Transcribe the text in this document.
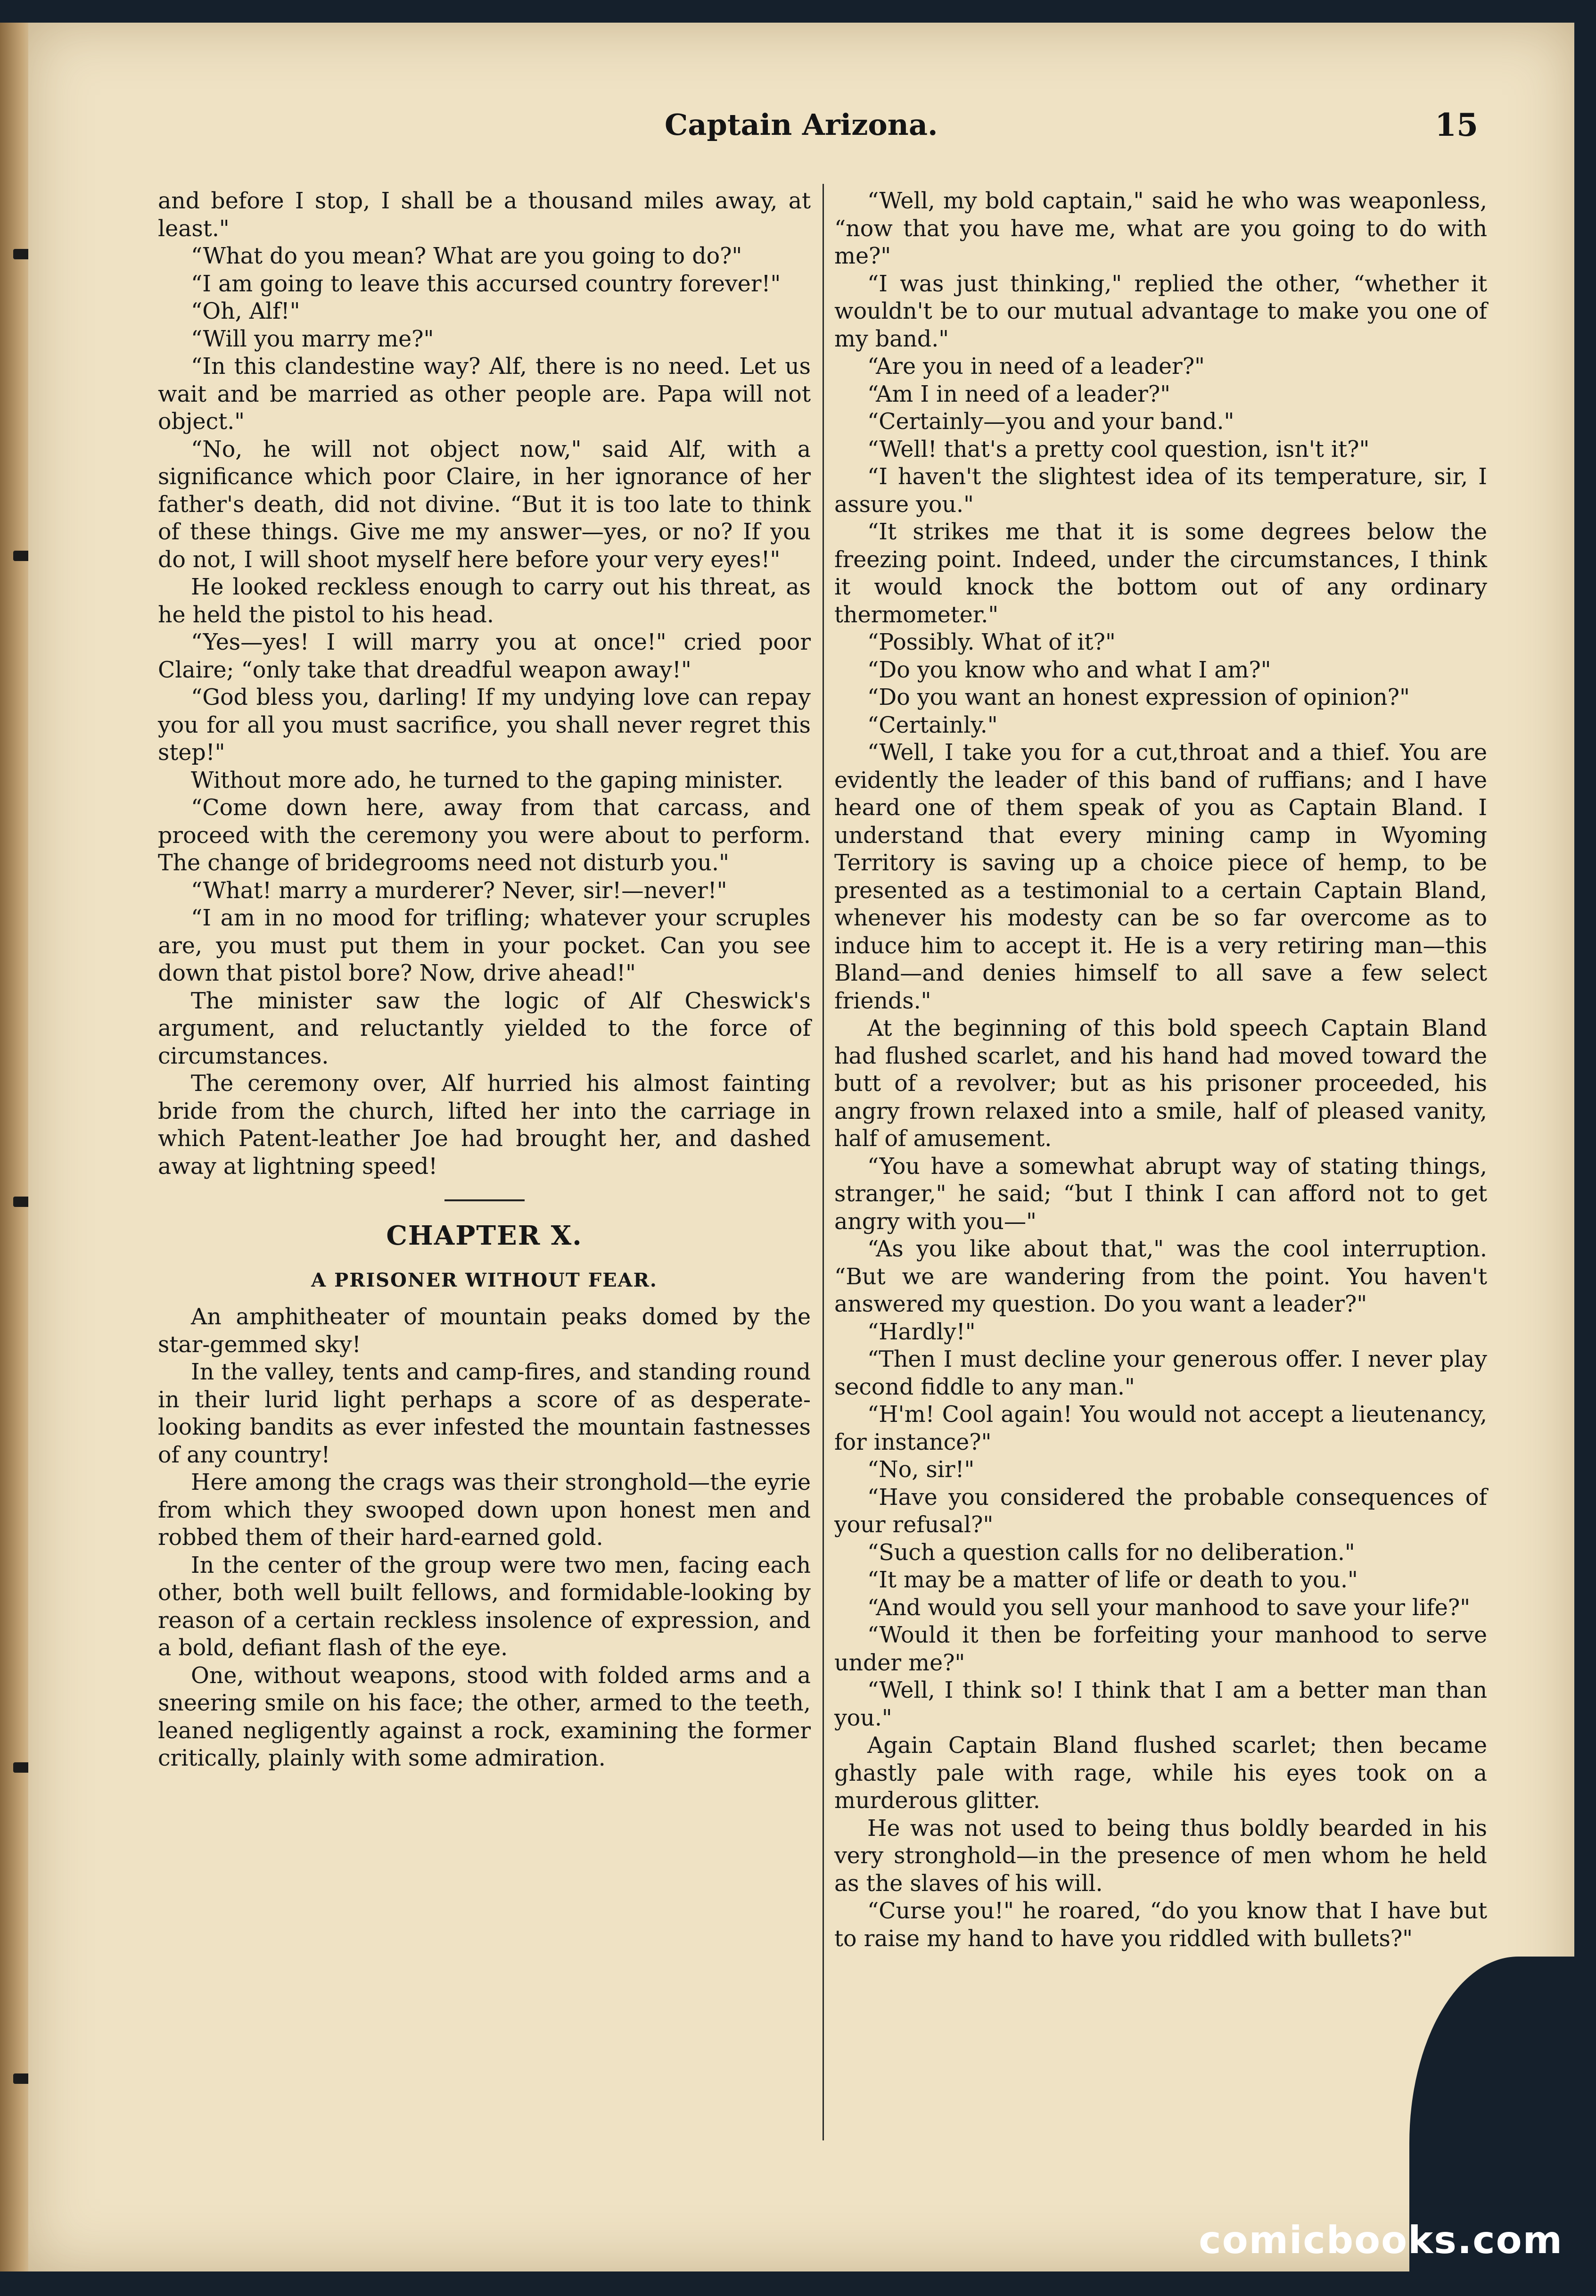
Captain Arizona.	15

and before I stop, I shall be a thousand miles away, at least."

“What do you mean? What are you going to do?"

“I am going to leave this accursed country forever!"

“Oh, Alf!"

“Will you marry me?"

“In this clandestine way? Alf, there is no need. Let us wait and be married as other people are. Papa will not object."

“No, he will not object now," said Alf, with a significance which poor Claire, in her ignorance of her father's death, did not divine. “But it is too late to think of these things. Give me my answer—yes, or no? If you do not, I will shoot myself here before your very eyes!"

He looked reckless enough to carry out his threat, as he held the pistol to his head.

“Yes—yes! I will marry you at once!" cried poor Claire; “only take that dreadful weapon away!"

“God bless you, darling! If my undying love can repay you for all you must sacrifice, you shall never regret this step!"

Without more ado, he turned to the gaping minister.

“Come down here, away from that carcass, and proceed with the ceremony you were about to perform. The change of bridegrooms need not disturb you."

“What! marry a murderer? Never, sir!—never!"

“I am in no mood for trifling; whatever your scruples are, you must put them in your pocket. Can you see down that pistol bore? Now, drive ahead!"

The minister saw the logic of Alf Cheswick's argument, and reluctantly yielded to the force of circumstances.

The ceremony over, Alf hurried his almost fainting bride from the church, lifted her into the carriage in which Patent-leather Joe had brought her, and dashed away at lightning speed!

CHAPTER X.
A PRISONER WITHOUT FEAR.

An amphitheater of mountain peaks domed by the star-gemmed sky!

In the valley, tents and camp-fires, and standing round in their lurid light perhaps a score of as desperate-looking bandits as ever infested the mountain fastnesses of any country!

Here among the crags was their stronghold—the eyrie from which they swooped down upon honest men and robbed them of their hard-earned gold.

In the center of the group were two men, facing each other, both well built fellows, and formidable-looking by reason of a certain reckless insolence of expression, and a bold, defiant flash of the eye.

One, without weapons, stood with folded arms and a sneering smile on his face; the other, armed to the teeth, leaned negligently against a rock, examining the former critically, plainly with some admiration.

“Well, my bold captain," said he who was weaponless, “now that you have me, what are you going to do with me?"

“I was just thinking," replied the other, “whether it wouldn't be to our mutual advantage to make you one of my band."

“Are you in need of a leader?"

“Am I in need of a leader?"

“Certainly—you and your band."

“Well! that's a pretty cool question, isn't it?"

“I haven't the slightest idea of its temperature, sir, I assure you."

“It strikes me that it is some degrees below the freezing point. Indeed, under the circumstances, I think it would knock the bottom out of any ordinary thermometer."

“Possibly. What of it?"

“Do you know who and what I am?"

“Do you want an honest expression of opinion?"

“Certainly."

“Well, I take you for a cut,throat and a thief. You are evidently the leader of this band of ruffians; and I have heard one of them speak of you as Captain Bland. I understand that every mining camp in Wyoming Territory is saving up a choice piece of hemp, to be presented as a testimonial to a certain Captain Bland, whenever his modesty can be so far overcome as to induce him to accept it. He is a very retiring man—this Bland—and denies himself to all save a few select friends."

At the beginning of this bold speech Captain Bland had flushed scarlet, and his hand had moved toward the butt of a revolver; but as his prisoner proceeded, his angry frown relaxed into a smile, half of pleased vanity, half of amusement.

“You have a somewhat abrupt way of stating things, stranger," he said; “but I think I can afford not to get angry with you—"

“As you like about that," was the cool interruption. “But we are wandering from the point. You haven't answered my question. Do you want a leader?"

“Hardly!"

“Then I must decline your generous offer. I never play second fiddle to any man."

“H'm! Cool again! You would not accept a lieutenancy, for instance?"

“No, sir!"

“Have you considered the probable consequences of your refusal?"

“Such a question calls for no deliberation."

“It may be a matter of life or death to you."

“And would you sell your manhood to save your life?"

“Would it then be forfeiting your manhood to serve under me?"

“Well, I think so! I think that I am a better man than you."

Again Captain Bland flushed scarlet; then became ghastly pale with rage, while his eyes took on a murderous glitter.

He was not used to being thus boldly bearded in his very stronghold—in the presence of men whom he held as the slaves of his will.

“Curse you!" he roared, “do you know that I have but to raise my hand to have you riddled with bullets?"

comicbooks.com
